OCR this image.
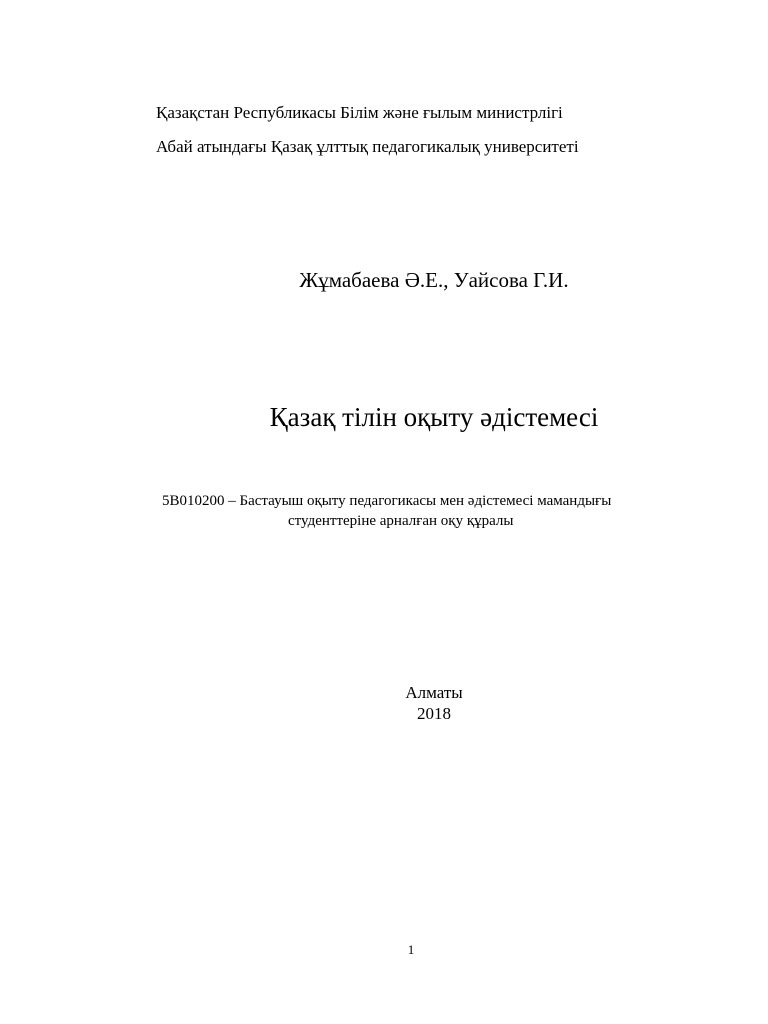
Қазақстан Республикасы Білім және ғылым министрлігі
Абай атындағы Қазақ ұлттық педагогикалық университеті
Жұмабаева Ә.Е., Уайсова Г.И.
Қазақ тілін оқыту әдістемесі
5В010200 – Бастауыш оқыту педагогикасы мен әдістемесі мамандығы
студенттеріне арналған оқу құралы
Алматы
2018
1
